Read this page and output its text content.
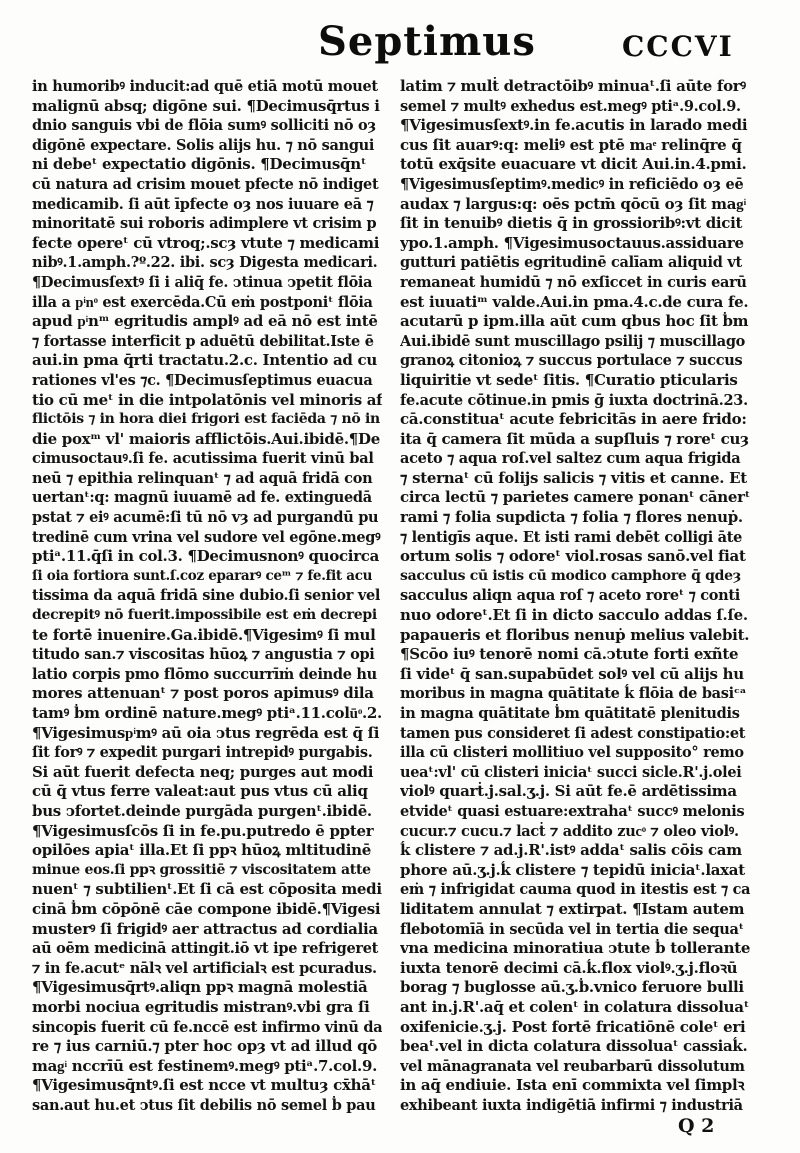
Septimus	CCCVI
in humoribꝰ inducit:ad quē etiā motū mouet
malignū absq; digōne sui. ¶Decimusq̄rtus i
dnio sanguis vbi de flōia sumꝰ solliciti nō oȝ
digōnē expectare. Solis alijs hu. ⁊ nō sangui
ni debeᵗ expectatio digōnis. ¶Decimusq̄nᵗ
cū natura ad crisim mouet pfecte nō indiget
medicamib. ſi aūt īpfecte oȝ nos iuuare eā ⁊
minoritatē sui roboris adimplere vt crisim p
fecte opereᵗ cū vtroq;.scȝ vtute ⁊ medicami
nibꝰ.1.amph.?º.22. ibi. scȝ Digesta medicari.
¶Decimusſextꝰ ſi i aliq̄ fe. ↄtinua ↄpetit flōia
illa a pͥnͦ est exercēda.Cū eṁ postponiᵗ flōia
apud pͥnᵐ egritudis amplꝰ ad eā nō est intē
⁊ fortasse interficit p aduētū debilitat.Iste ē
aui.in pma q̄rti tractatu.2.c. Intentio ad cu
rationes vl'es ⁊c. ¶Decimusſeptimus euacua
tio cū meᵗ in die intpolatōnis vel minoris af
flictōis ⁊ in hora diei frigori est faciēda ⁊ nō in
die poxᵐ vl' maioris afflictōis.Aui.ibidē.¶De
cimusoctauꝰ.ſi fe. acutissima fuerit vinū bal
neū ⁊ epithia relinquanᵗ ⁊ ad aquā fridā con
uertanᵗ:q: magnū iuuamē ad fe. extinguedā
pstat ⁊ eiꝰ acumē:ſi tū nō vȝ ad purgandū pu
tredinē cum vrina vel sudore vel egōne.megꝰ
ptiᵃ.11.q̄ſi in col.3. ¶Decimusnonꝰ quocirca
ſi oia fortiora sunt.ſ.coz epararꝰ ceᵐ ⁊ fe.fit acu
tissima da aquā fridā sine dubio.ſi senior vel
decrepitꝰ nō fuerit.impossibile est eṁ decrepi
te fortē inuenire.Ga.ibidē.¶Vigesimꝰ ſi mul
titudo san.⁊ viscositas hūoꝝ ⁊ angustia ⁊ opi
latio corpis pmo flōmo succurrīṁ deinde hu
mores attenuanᵗ ⁊ post poros apimusꝰ dila
tamꝰ ḃm ordinē nature.megꝰ ptiᵃ.11.colūͦ.2.
¶Vigesimuspͥmꝰ aū oia ↄtus regrēda est q̄ ſi
ſit forꝰ ⁊ expedit purgari intrepidꝰ purgabis.
Si aūt fuerit defecta neq; purges aut modi
cū q̄ vtus ferre valeat:aut pus vtus cū aliq
bus ↄfortet.deinde purgāda purgenᵗ.ibidē.
¶Vigesimusſcōs ſi in fe.pu.putredo ē ppter
opilōes apiaᵗ illa.Et ſi ppꝛ hūoꝝ mltitudinē
minue eos.ſi ppꝛ grossitiē ⁊ viscositatem atte
nuenᵗ ⁊ subtilienᵗ.Et ſi cā est cōposita medi
cinā ḃm cōpōnē cāe compone ibidē.¶Vigesi
musterꝰ ſi frigidꝰ aer attractus ad cordialia
aū oēm medicinā attingit.iō vt ipe refrigeret
⁊ in fe.acutᵉ nālꝛ vel artificialꝛ est pcuradus.
¶Vigesimusq̄rtꝰ.aliqn ppꝛ magnā molestiā
morbi nociua egritudis mistranꝰ.vbi gra ſi
sincopis fuerit cū fe.nccē est infirmo vinū da
re ⁊ ius carniū.⁊ pter hoc opȝ vt ad illud qō
magͥ nccrīū est festinemꝰ.megꝰ ptiᵃ.7.col.9.
¶Vigesimusq̄ntꝰ.ſi est ncce vt multuȝ cx̄hāᵗ
san.aut hu.et ↄtus ſit debilis nō semel ḃ pau
latim ⁊ mulṫ detractōibꝰ minuaᵗ.ſi aūte forꝰ
semel ⁊ multꝰ exhedus est.megꝰ ptiᵃ.9.col.9.
¶Vigesimusſextꝰ.in fe.acutis in larado medi
cus ſit auarꝰ:q: meliꝰ est ptē maͤ relinq̄re q̄
totū exq̄site euacuare vt dicit Aui.in.4.pmi.
¶Vigesimusſeptimꝰ.medicꝰ in reficiēdo oȝ eē
audax ⁊ largus:q: oēs pctm̄ qōcū oȝ ſit magͥ
ſit in tenuibꝰ dietis q̄ in grossioribꝰ:vt dicit
ypo.1.amph. ¶Vigesimusoctauus.assiduare
gutturi patiētis egritudinē calīam aliquid vt
remaneat humidū ⁊ nō exſiccet in curis earū
est iuuatiᵐ valde.Aui.in pma.4.c.de cura fe.
acutarū p ipm.illa aūt cum qbus hoc ſit ḃm
Aui.ibidē sunt muscillago psilij ⁊ muscillago
granoꝝ citonioꝝ ⁊ succus portulace ⁊ succus
liquiritie vt sedeᵗ ſitis. ¶Curatio pticularis
fe.acute cōtinue.in pmis ḡ iuxta doctrinā.23.
cā.constituaᵗ acute febricitās in aere frido:
ita q̄ camera ſit mūda a supſluis ⁊ roreᵗ cuȝ
aceto ⁊ aqua roſ.vel saltez cum aqua frigida
⁊ sternaᵗ cū folijs salicis ⁊ vitis et canne. Et
circa lectū ⁊ parietes camere ponanᵗ cānerᵗ
rami ⁊ folia supdicta ⁊ folia ⁊ flores nenuṗ.
⁊ lentigīs aque. Et isti rami debēt colligi āte
ortum solis ⁊ odoreᵗ viol.rosas sanō.vel fiat
sacculus cū istis cū modico camphore q̄ qdeȝ
sacculus aliqn aqua roſ ⁊ aceto roreᵗ ⁊ conti
nuo odoreᵗ.Et ſi in dicto sacculo addas ſ.ſe.
papaueris et floribus nenuṗ melius valebit.
¶Scōo iuꝰ tenorē nomi cā.ↄtute forti exñte
ſi videᵗ q̄ san.supabūdet solꝰ vel cū alijs hu
moribus in magna quātitate ḱ flōia de basiᶜᵃ
in magna quātitate ḃm quātitatē plenitudis
tamen pus consideret ſi adest constipatio:et
illa cū clisteri mollitiuo vel supposito° remo
ueaᵗ:vl' cū clisteri iniciaᵗ succi sicle.R'.j.olei
violꝰ quarṫ.j.sal.ʒ.j. Si aūt fe.ē ardētissima
etvideᵗ quasi estuare:extrahaᵗ succꝰ melonis
cucur.⁊ cucu.⁊ lacṫ ⁊ addito zucͦ ⁊ oleo violꝰ.
ḱ clistere ⁊ ad.j.R'.istꝰ addaᵗ salis cōis cam
phore aū.ʒ.j.ḱ clistere ⁊ tepidū iniciaᵗ.laxat
eṁ ⁊ infrigidat cauma quod in itestis est ⁊ ca
liditatem annulat ⁊ extirpat. ¶Istam autem
flebotomīā in secūda vel in tertia die sequaᵗ
vna medicina minoratiua ↄtute ḃ tollerante
iuxta tenorē decimi cā.ḱ.flox violꝰ.ʒ.j.floꝛū
borag ⁊ buglosse aū.ʒ.ḃ.vnico feruore bulli
ant in.j.R'.aq̄ et colenᵗ in colatura dissoluaᵗ
oxifenicie.ʒ.j. Post fortē fricatiōnē coleᵗ eri
beaᵗ.vel in dicta colatura dissoluaᵗ cassiaḱ.
vel mānagranata vel reubarbarū dissolutum
in aq̄ endiuie. Ista enī commixta vel ſimplꝛ
exhibeant iuxta indigētiā infirmi ⁊ industriā
Q 2
